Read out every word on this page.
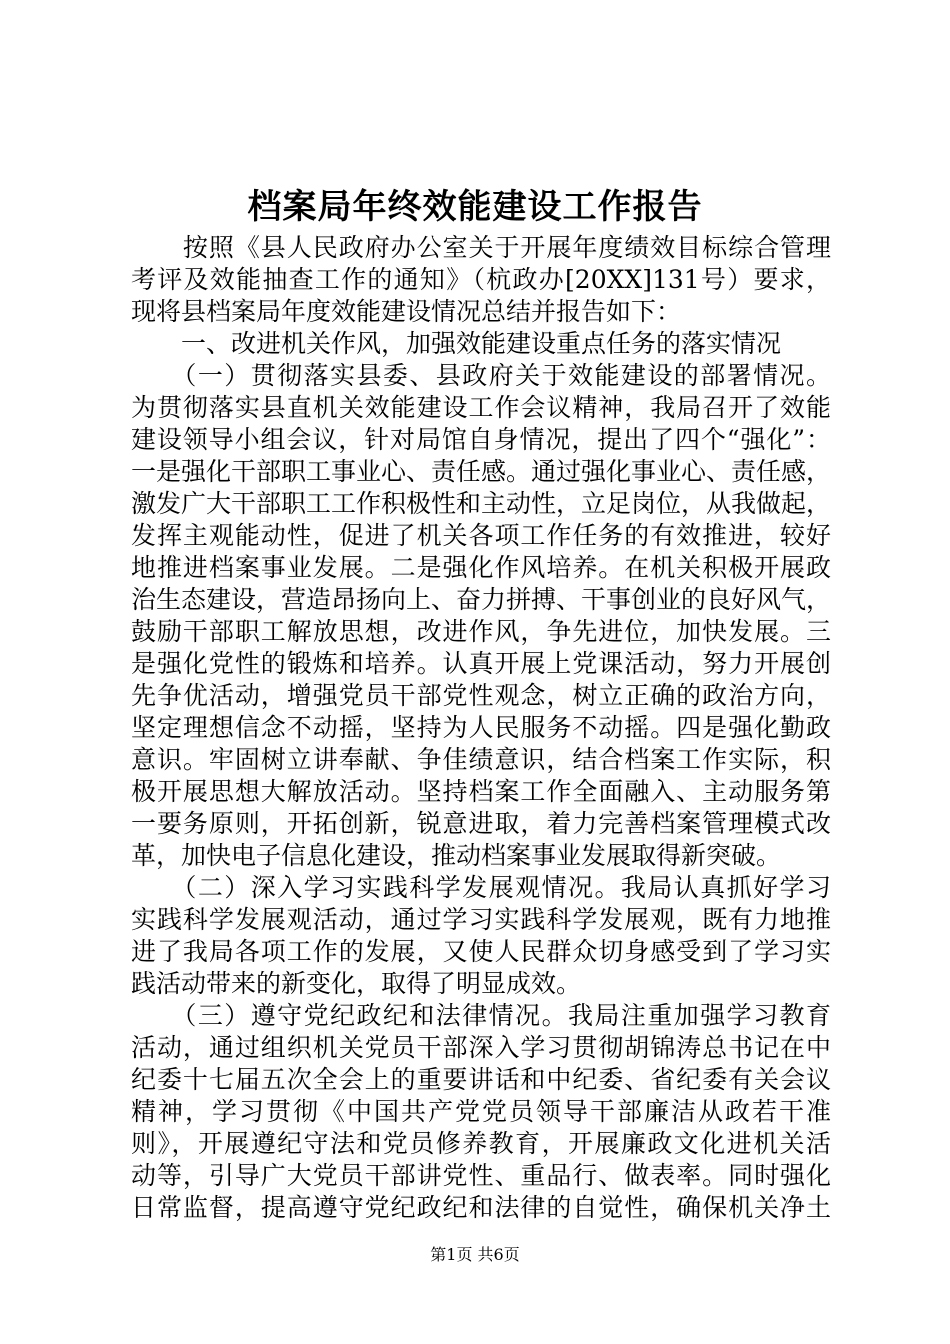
档案局年终效能建设工作报告
　　按照《县人民政府办公室关于开展年度绩效目标综合管理
考评及效能抽查工作的通知》（杭政办[20XX]131号）要求，
现将县档案局年度效能建设情况总结并报告如下：
　　一、改进机关作风，加强效能建设重点任务的落实情况
　　（一）贯彻落实县委、县政府关于效能建设的部署情况。
为贯彻落实县直机关效能建设工作会议精神，我局召开了效能
建设领导小组会议，针对局馆自身情况，提出了四个“强化”：
一是强化干部职工事业心、责任感。通过强化事业心、责任感，
激发广大干部职工工作积极性和主动性，立足岗位，从我做起，
发挥主观能动性，促进了机关各项工作任务的有效推进，较好
地推进档案事业发展。二是强化作风培养。在机关积极开展政
治生态建设，营造昂扬向上、奋力拼搏、干事创业的良好风气，
鼓励干部职工解放思想，改进作风，争先进位，加快发展。三
是强化党性的锻炼和培养。认真开展上党课活动，努力开展创
先争优活动，增强党员干部党性观念，树立正确的政治方向，
坚定理想信念不动摇，坚持为人民服务不动摇。四是强化勤政
意识。牢固树立讲奉献、争佳绩意识，结合档案工作实际，积
极开展思想大解放活动。坚持档案工作全面融入、主动服务第
一要务原则，开拓创新，锐意进取，着力完善档案管理模式改
革，加快电子信息化建设，推动档案事业发展取得新突破。
　　（二）深入学习实践科学发展观情况。我局认真抓好学习
实践科学发展观活动，通过学习实践科学发展观，既有力地推
进了我局各项工作的发展，又使人民群众切身感受到了学习实
践活动带来的新变化，取得了明显成效。
　　（三）遵守党纪政纪和法律情况。我局注重加强学习教育
活动，通过组织机关党员干部深入学习贯彻胡锦涛总书记在中
纪委十七届五次全会上的重要讲话和中纪委、省纪委有关会议
精神，学习贯彻《中国共产党党员领导干部廉洁从政若干准
则》，开展遵纪守法和党员修养教育，开展廉政文化进机关活
动等，引导广大党员干部讲党性、重品行、做表率。同时强化
日常监督，提高遵守党纪政纪和法律的自觉性，确保机关净土
第1页 共6页
